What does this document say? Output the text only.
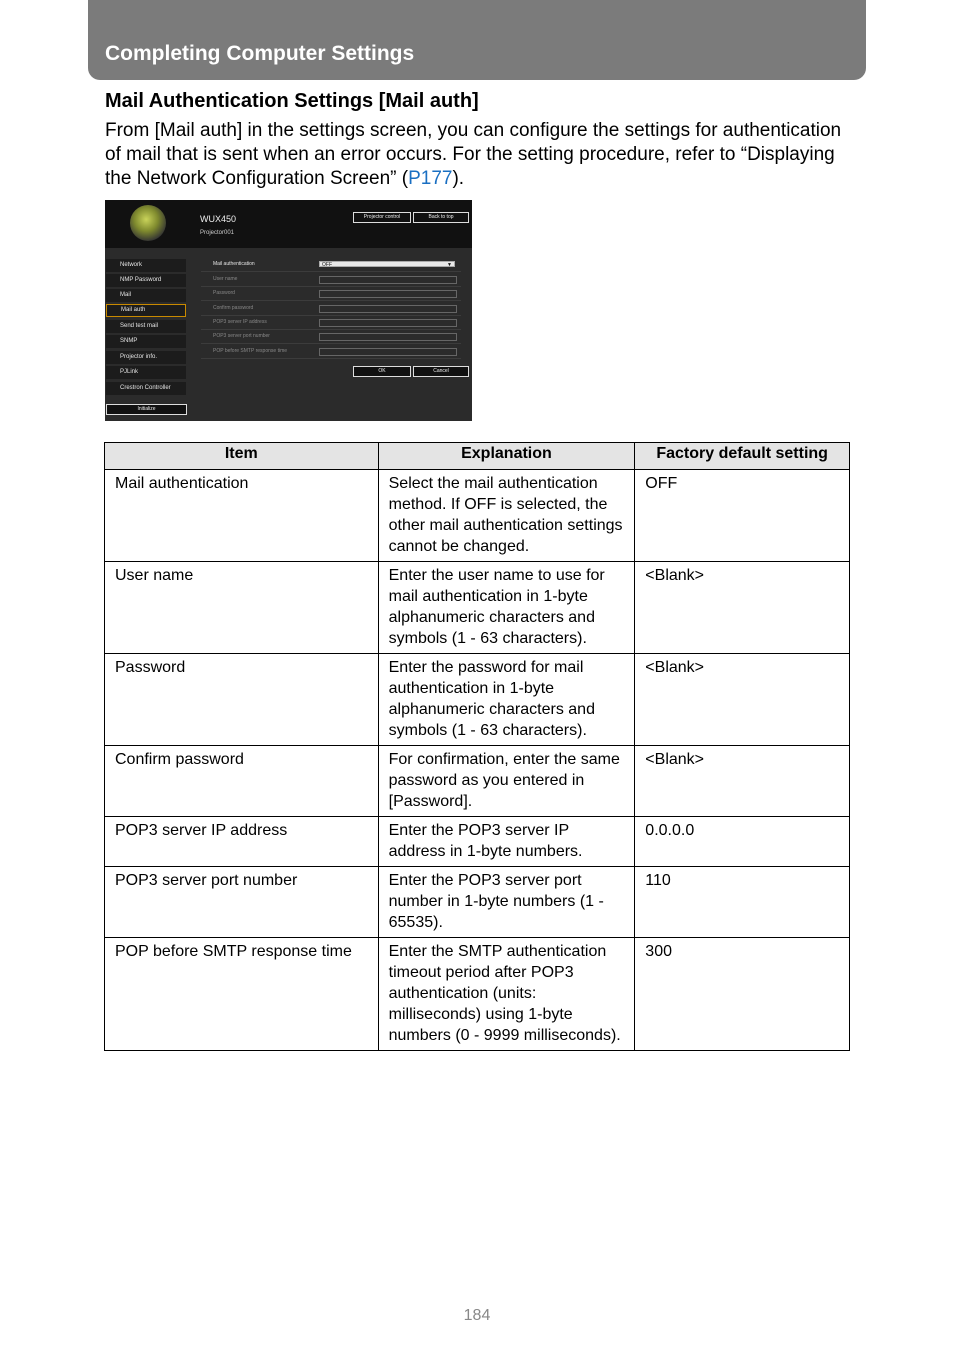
Completing Computer Settings
Mail Authentication Settings [Mail auth]
From [Mail auth] in the settings screen, you can configure the settings for authentication of mail that is sent when an error occurs. For the setting procedure, refer to “Displaying the Network Configuration Screen” (P177).
WUX450
Projector001
Projector control	Back to top
Network
NMP Password
Mail
Mail auth
Send test mail
SNMP
Projector info.
PJLink
Crestron Controller
Initialize
Mail authentication	OFF	▼
User name
Password
Confirm password
POP3 server IP address
POP3 server port number
POP before SMTP response time
OK	Cancel
Item	Explanation	Factory default setting
Mail authentication	Select the mail authentication method. If OFF is selected, the other mail authentication settings cannot be changed.	OFF
User name	Enter the user name to use for mail authentication in 1-byte alphanumeric characters and symbols (1 - 63 characters).	<Blank>
Password	Enter the password for mail authentication in 1-byte alphanumeric characters and symbols (1 - 63 characters).	<Blank>
Confirm password	For confirmation, enter the same password as you entered in [Password].	<Blank>
POP3 server IP address	Enter the POP3 server IP address in 1-byte numbers.	0.0.0.0
POP3 server port number	Enter the POP3 server port number in 1-byte numbers (1 - 65535).	110
POP before SMTP response time	Enter the SMTP authentication timeout period after POP3 authentication (units: milliseconds) using 1-byte numbers (0 - 9999 milliseconds).	300
184
